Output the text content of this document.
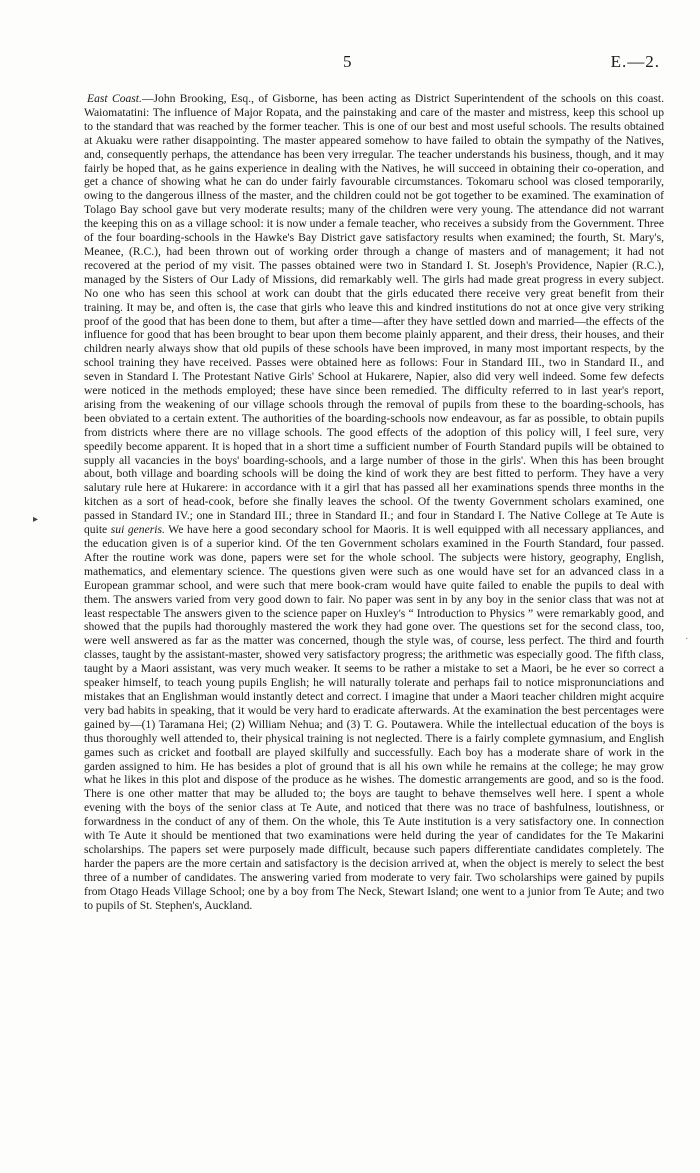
5	E.—2.
▸
·

East Coast.—John Brooking, Esq., of Gisborne, has been acting as District Superintendent of the schools on this coast. Waiomatatini: The influence of Major Ropata, and the painstaking and care of the master and mistress, keep this school up to the standard that was reached by the former teacher. This is one of our best and most useful schools. The results obtained at Akuaku were rather disappointing. The master appeared somehow to have failed to obtain the sympathy of the Natives, and, consequently perhaps, the attendance has been very irregular. The teacher understands his business, though, and it may fairly be hoped that, as he gains experience in dealing with the Natives, he will succeed in obtaining their co-operation, and get a chance of showing what he can do under fairly favourable circumstances. Tokomaru school was closed temporarily, owing to the dangerous illness of the master, and the children could not be got together to be examined. The examination of Tolago Bay school gave but very moderate results; many of the children were very young. The attendance did not warrant the keeping this on as a village school: it is now under a female teacher, who receives a subsidy from the Government. Three of the four boarding-schools in the Hawke's Bay District gave satisfactory results when examined; the fourth, St. Mary's, Meanee, (R.C.), had been thrown out of working order through a change of masters and of management; it had not recovered at the period of my visit. The passes obtained were two in Standard I. St. Joseph's Providence, Napier (R.C.), managed by the Sisters of Our Lady of Missions, did remarkably well. The girls had made great progress in every subject. No one who has seen this school at work can doubt that the girls educated there receive very great benefit from their training. It may be, and often is, the case that girls who leave this and kindred institutions do not at once give very striking proof of the good that has been done to them, but after a time—after they have settled down and married—the effects of the influence for good that has been brought to bear upon them become plainly apparent, and their dress, their houses, and their children nearly always show that old pupils of these schools have been improved, in many most important respects, by the school training they have received. Passes were obtained here as follows: Four in Standard III., two in Standard II., and seven in Standard I. The Protestant Native Girls' School at Hukarere, Napier, also did very well indeed. Some few defects were noticed in the methods employed; these have since been remedied. The difficulty referred to in last year's report, arising from the weakening of our village schools through the removal of pupils from these to the boarding-schools, has been obviated to a certain extent. The authorities of the boarding-schools now endeavour, as far as possible, to obtain pupils from districts where there are no village schools. The good effects of the adoption of this policy will, I feel sure, very speedily become apparent. It is hoped that in a short time a sufficient number of Fourth Standard pupils will be obtained to supply all vacancies in the boys' boarding-schools, and a large number of those in the girls'. When this has been brought about, both village and boarding schools will be doing the kind of work they are best fitted to perform. They have a very salutary rule here at Hukarere: in accordance with it a girl that has passed all her examinations spends three months in the kitchen as a sort of head-cook, before she finally leaves the school. Of the twenty Government scholars examined, one passed in Standard IV.; one in Standard III.; three in Standard II.; and four in Standard I. The Native College at Te Aute is quite sui generis. We have here a good secondary school for Maoris. It is well equipped with all necessary appliances, and the education given is of a superior kind. Of the ten Government scholars examined in the Fourth Standard, four passed. After the routine work was done, papers were set for the whole school. The subjects were history, geography, English, mathematics, and elementary science. The questions given were such as one would have set for an advanced class in a European grammar school, and were such that mere book-cram would have quite failed to enable the pupils to deal with them. The answers varied from very good down to fair. No paper was sent in by any boy in the senior class that was not at least respectable The answers given to the science paper on Huxley's “ Introduction to Physics ” were remarkably good, and showed that the pupils had thoroughly mastered the work they had gone over. The questions set for the second class, too, were well answered as far as the matter was concerned, though the style was, of course, less perfect. The third and fourth classes, taught by the assistant-master, showed very satisfactory progress; the arithmetic was especially good. The fifth class, taught by a Maori assistant, was very much weaker. It seems to be rather a mistake to set a Maori, be he ever so correct a speaker himself, to teach young pupils English; he will naturally tolerate and perhaps fail to notice mispronunciations and mistakes that an Englishman would instantly detect and correct. I imagine that under a Maori teacher children might acquire very bad habits in speaking, that it would be very hard to eradicate afterwards. At the examination the best percentages were gained by—(1) Taramana Hei; (2) William Nehua; and (3) T. G. Poutawera. While the intellectual education of the boys is thus thoroughly well attended to, their physical training is not neglected. There is a fairly complete gymnasium, and English games such as cricket and football are played skilfully and successfully. Each boy has a moderate share of work in the garden assigned to him. He has besides a plot of ground that is all his own while he remains at the college; he may grow what he likes in this plot and dispose of the produce as he wishes. The domestic arrangements are good, and so is the food. There is one other matter that may be alluded to; the boys are taught to behave themselves well here. I spent a whole evening with the boys of the senior class at Te Aute, and noticed that there was no trace of bashfulness, loutishness, or forwardness in the conduct of any of them. On the whole, this Te Aute institution is a very satisfactory one. In connection with Te Aute it should be mentioned that two examinations were held during the year of candidates for the Te Makarini scholarships. The papers set were purposely made difficult, because such papers differentiate candidates completely. The harder the papers are the more certain and satisfactory is the decision arrived at, when the object is merely to select the best three of a number of candidates. The answering varied from moderate to very fair. Two scholarships were gained by pupils from Otago Heads Village School; one by a boy from The Neck, Stewart Island; one went to a junior from Te Aute; and two to pupils of St. Stephen's, Auckland.
